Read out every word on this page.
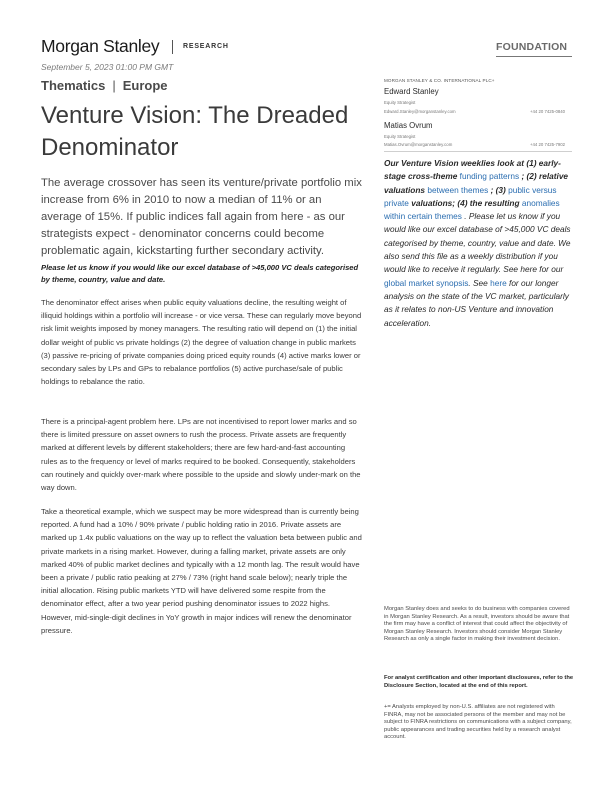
Morgan Stanley	RESEARCH	FOUNDATION
September 5, 2023 01:00 PM GMT
Thematics | Europe
Venture Vision: The Dreaded Denominator
The average crossover has seen its venture/private portfolio mix increase from 6% in 2010 to now a median of 11% or an average of 15%. If public indices fall again from here - as our strategists expect - denominator concerns could become problematic again, kickstarting further secondary activity.
Please let us know if you would like our excel database of >45,000 VC deals categorised by theme, country, value and date.
The denominator effect arises when public equity valuations decline, the resulting weight of illiquid holdings within a portfolio will increase - or vice versa. These can regularly move beyond risk limit weights imposed by money managers. The resulting ratio will depend on (1) the initial dollar weight of public vs private holdings (2) the degree of valuation change in public markets (3) passive re-pricing of private companies doing priced equity rounds (4) active marks lower or secondary sales by LPs and GPs to rebalance portfolios (5) active purchase/sale of public holdings to rebalance the ratio.
There is a principal-agent problem here. LPs are not incentivised to report lower marks and so there is limited pressure on asset owners to rush the process. Private assets are frequently marked at different levels by different stakeholders; there are few hard-and-fast accounting rules as to the frequency or level of marks required to be booked. Consequently, stakeholders can routinely and quickly over-mark where possible to the upside and slowly under-mark on the way down.
Take a theoretical example, which we suspect may be more widespread than is currently being reported. A fund had a 10% / 90% private / public holding ratio in 2016. Private assets are marked up 1.4x public valuations on the way up to reflect the valuation beta between public and private markets in a rising market. However, during a falling market, private assets are only marked 40% of public market declines and typically with a 12 month lag. The result would have been a private / public ratio peaking at 27% / 73% (right hand scale below); nearly triple the initial allocation. Rising public markets YTD will have delivered some respite from the denominator effect, after a two year period pushing denominator issues to 2022 highs. However, mid-single-digit declines in YoY growth in major indices will renew the denominator pressure.
MORGAN STANLEY & CO. INTERNATIONAL PLC+
Edward Stanley
Equity Strategist
Edward.Stanley@morganstanley.com	+44 20 7425-0840
Matias Ovrum
Equity Strategist
Matias.Ovrum@morganstanley.com	+44 20 7425-7902
Our Venture Vision weeklies look at (1) early-stage cross-theme funding patterns ; (2) relative valuations between themes ; (3) public versus private valuations; (4) the resulting anomalies within certain themes . Please let us know if you would like our excel database of >45,000 VC deals categorised by theme, country, value and date. We also send this file as a weekly distribution if you would like to receive it regularly. See here for our global market synopsis. See here for our longer analysis on the state of the VC market, particularly as it relates to non-US Venture and innovation acceleration.
Morgan Stanley does and seeks to do business with companies covered in Morgan Stanley Research. As a result, investors should be aware that the firm may have a conflict of interest that could affect the objectivity of Morgan Stanley Research. Investors should consider Morgan Stanley Research as only a single factor in making their investment decision.
For analyst certification and other important disclosures, refer to the Disclosure Section, located at the end of this report.
+= Analysts employed by non-U.S. affiliates are not registered with FINRA, may not be associated persons of the member and may not be subject to FINRA restrictions on communications with a subject company, public appearances and trading securities held by a research analyst account.
